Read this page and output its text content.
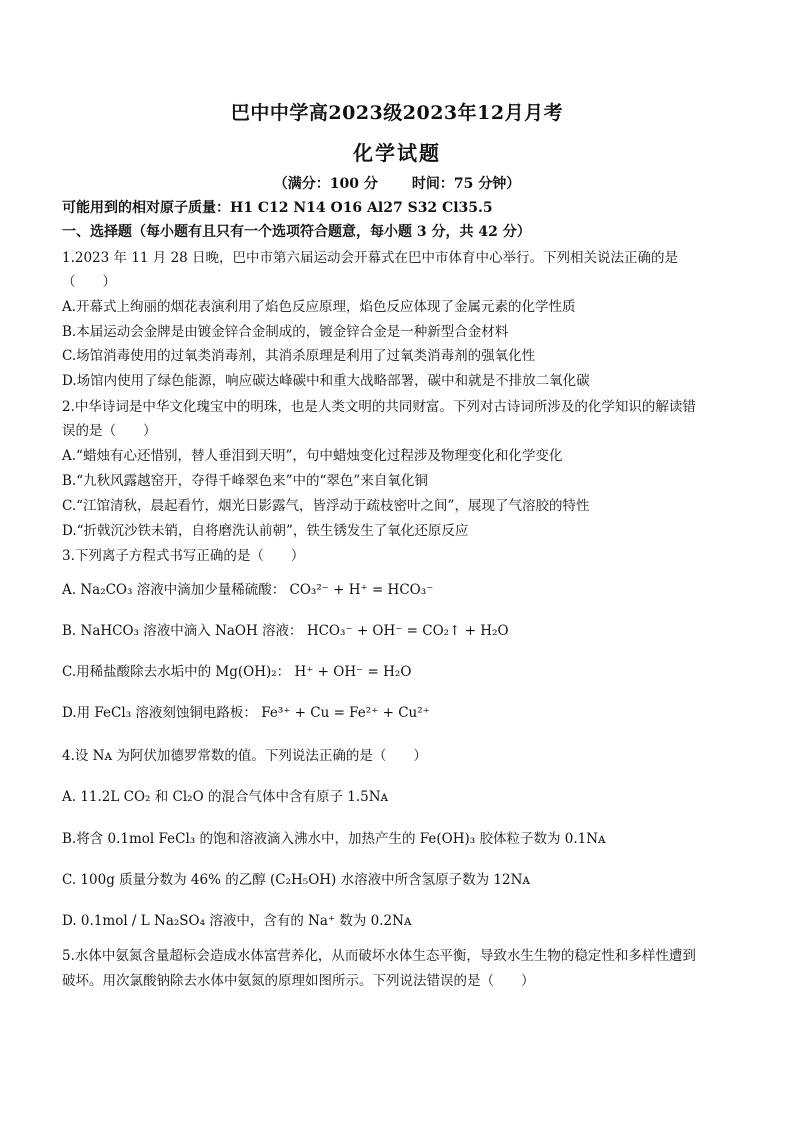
巴中中学高2023级2023年12月月考
化学试题
（满分：100 分 时间：75 分钟）
可能用到的相对原子质量：H1 C12 N14 O16 Al27 S32 Cl35.5
一、选择题（每小题有且只有一个选项符合题意，每小题 3 分，共 42 分）
1.2023 年 11 月 28 日晚，巴中市第六届运动会开幕式在巴中市体育中心举行。下列相关说法正确的是
（　　）
A.开幕式上绚丽的烟花表演利用了焰色反应原理，焰色反应体现了金属元素的化学性质
B.本届运动会金牌是由镀金锌合金制成的，镀金锌合金是一种新型合金材料
C.场馆消毒使用的过氧类消毒剂，其消杀原理是利用了过氧类消毒剂的强氧化性
D.场馆内使用了绿色能源，响应碳达峰碳中和重大战略部署，碳中和就是不排放二氧化碳
2.中华诗词是中华文化瑰宝中的明珠，也是人类文明的共同财富。下列对古诗词所涉及的化学知识的解读错
误的是（　　）
A.“蜡烛有心还惜别，替人垂泪到天明”，句中蜡烛变化过程涉及物理变化和化学变化
B.“九秋风露越窑开，夺得千峰翠色来”中的“翠色”来自氧化铜
C.“江馆清秋，晨起看竹，烟光日影露气，皆浮动于疏枝密叶之间”，展现了气溶胶的特性
D.“折戟沉沙铁未销，自将磨洗认前朝”，铁生锈发生了氧化还原反应
3.下列离子方程式书写正确的是（　　）
A. Na₂CO₃ 溶液中滴加少量稀硫酸： CO₃²⁻ + H⁺ = HCO₃⁻
B. NaHCO₃ 溶液中滴入 NaOH 溶液： HCO₃⁻ + OH⁻ = CO₂↑ + H₂O
C.用稀盐酸除去水垢中的 Mg(OH)₂： H⁺ + OH⁻ = H₂O
D.用 FeCl₃ 溶液刻蚀铜电路板： Fe³⁺ + Cu = Fe²⁺ + Cu²⁺
4.设 Nᴀ 为阿伏加德罗常数的值。下列说法正确的是（　　）
A. 11.2L CO₂ 和 Cl₂O 的混合气体中含有原子 1.5Nᴀ
B.将含 0.1mol FeCl₃ 的饱和溶液滴入沸水中，加热产生的 Fe(OH)₃ 胶体粒子数为 0.1Nᴀ
C. 100g 质量分数为 46% 的乙醇 (C₂H₅OH) 水溶液中所含氢原子数为 12Nᴀ
D. 0.1mol / L Na₂SO₄ 溶液中，含有的 Na⁺ 数为 0.2Nᴀ
5.水体中氨氮含量超标会造成水体富营养化，从而破坏水体生态平衡，导致水生生物的稳定性和多样性遭到
破坏。用次氯酸钠除去水体中氨氮的原理如图所示。下列说法错误的是（　　）
